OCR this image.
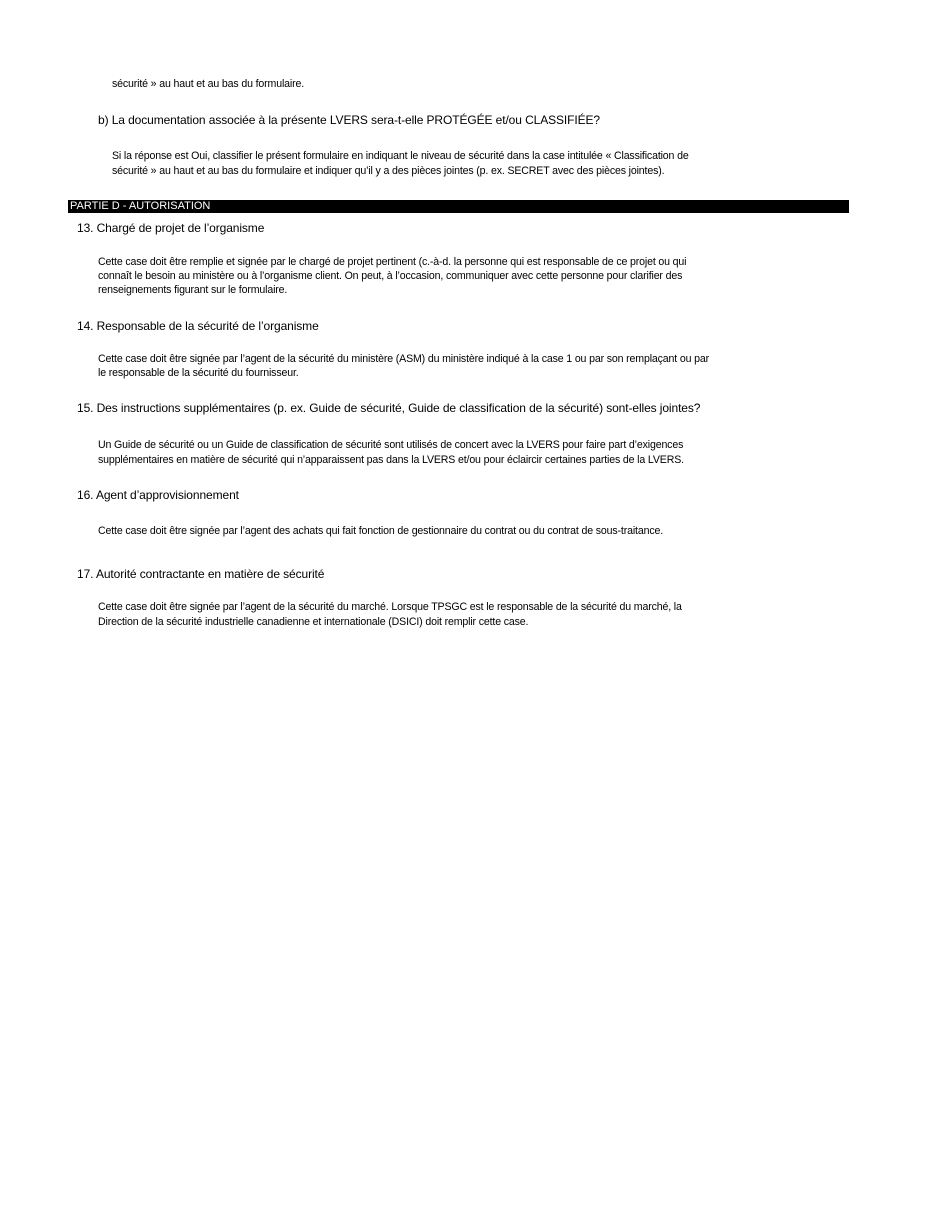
sécurité » au haut et au bas du formulaire.
b) La documentation associée à la présente LVERS sera-t-elle PROTÉGÉE et/ou CLASSIFIÉE?
Si la réponse est Oui, classifier le présent formulaire en indiquant le niveau de sécurité dans la case intitulée « Classification de
sécurité » au haut et au bas du formulaire et indiquer qu’il y a des pièces jointes (p. ex. SECRET avec des pièces jointes).
PARTIE D - AUTORISATION
13. Chargé de projet de l’organisme
Cette case doit être remplie et signée par le chargé de projet pertinent (c.-à-d. la personne qui est responsable de ce projet ou qui
connaît le besoin au ministère ou à l’organisme client. On peut, à l’occasion, communiquer avec cette personne pour clarifier des
renseignements figurant sur le formulaire.
14. Responsable de la sécurité de l’organisme
Cette case doit être signée par l’agent de la sécurité du ministère (ASM) du ministère indiqué à la case 1 ou par son remplaçant ou par
le responsable de la sécurité du fournisseur.
15. Des instructions supplémentaires (p. ex. Guide de sécurité, Guide de classification de la sécurité) sont-elles jointes?
Un Guide de sécurité ou un Guide de classification de sécurité sont utilisés de concert avec la LVERS pour faire part d’exigences
supplémentaires en matière de sécurité qui n’apparaissent pas dans la LVERS et/ou pour éclaircir certaines parties de la LVERS.
16. Agent d’approvisionnement
Cette case doit être signée par l’agent des achats qui fait fonction de gestionnaire du contrat ou du contrat de sous-traitance.
17. Autorité contractante en matière de sécurité
Cette case doit être signée par l’agent de la sécurité du marché. Lorsque TPSGC est le responsable de la sécurité du marché, la
Direction de la sécurité industrielle canadienne et internationale (DSICI) doit remplir cette case.
